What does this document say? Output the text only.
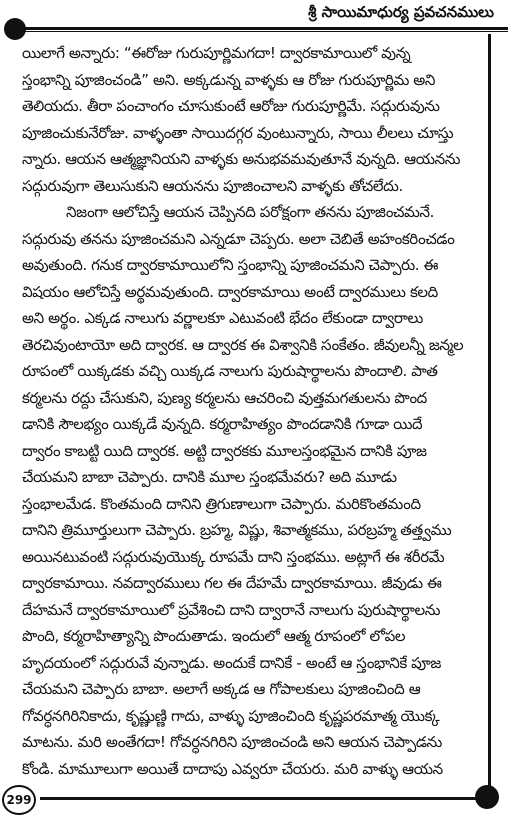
శ్రీ సాయిమాధుర్య ప్రవచనములు
యిలాగే అన్నారు: “ఈరోజు గురుపూర్ణిమగదా! ద్వారకామాయిలో వున్న
స్తంభాన్ని పూజించండి” అని. అక్కడున్న వాళ్ళకు ఆ రోజు గురుపూర్ణిమ అని
తెలియదు. తీరా పంచాంగం చూసుకుంటే ఆరోజు గురుపూర్ణిమే. సద్గురువును
పూజించుకునేరోజు. వాళ్ళంతా సాయిదగ్గర వుంటున్నారు, సాయి లీలలు చూస్తు
న్నారు. ఆయన ఆత్మజ్ఞానియని వాళ్ళకు అనుభవమవుతూనే వున్నది. ఆయనను
సద్గురువుగా తెలుసుకుని ఆయనను పూజించాలని వాళ్ళకు తోచలేదు.
నిజంగా ఆలోచిస్తే ఆయన చెప్పినది పరోక్షంగా తనను పూజించమనే.
సద్గురువు తనను పూజించమని ఎన్నడూ చెప్పరు. అలా చెబితే అహంకరించడం
అవుతుంది. గనుక ద్వారకామాయిలోని స్తంభాన్ని పూజించమని చెప్పారు. ఈ
విషయం ఆలోచిస్తే అర్థమవుతుంది. ద్వారకామాయి అంటే ద్వారములు కలది
అని అర్థం. ఎక్కడ నాలుగు వర్ణాలకూ ఎటువంటి భేదం లేకుండా ద్వారాలు
తెరచివుంటాయో అది ద్వారక. ఆ ద్వారక ఈ విశ్వానికి సంకేతం. జీవులన్నీ జన్మల
రూపంలో యిక్కడకు వచ్చి యిక్కడ నాలుగు పురుషార్థాలను పొందాలి. పాత
కర్మలను రద్దు చేసుకుని, పుణ్య కర్మలను ఆచరించి వుత్తమగతులను పొంద
డానికి సౌలభ్యం యిక్కడే వున్నది. కర్మరాహిత్యం పొందడానికి గూడా యిదే
ద్వారం కాబట్టి యిది ద్వారక. అట్టి ద్వారకకు మూలస్తంభమైన దానికి పూజ
చేయమని బాబా చెప్పారు. దానికి మూల స్తంభమేవరు? అది మూడు
స్తంభాలమేడ. కొంతమంది దానిని త్రిగుణాలుగా చెప్పారు. మరికొంతమంది
దానిని త్రిమూర్తులుగా చెప్పారు. బ్రహ్మ, విష్ణు, శివాత్మకము, పరబ్రహ్మ తత్త్వము
అయినటువంటి సద్గురువుయొక్క రూపమే దాని స్తంభము. అట్లాగే ఈ శరీరమే
ద్వారకామాయి. నవద్వారములు గల ఈ దేహమే ద్వారకామాయి. జీవుడు ఈ
దేహమనే ద్వారకామాయిలో ప్రవేశించి దాని ద్వారానే నాలుగు పురుషార్థాలను
పొంది, కర్మరాహిత్యాన్ని పొందుతాడు. ఇందులో ఆత్మ రూపంలో లోపల
హృదయంలో సద్గురువే వున్నాడు. అందుకే దానికే - అంటే ఆ స్తంభానికే పూజ
చేయమని చెప్పారు బాబా. అలాగే అక్కడ ఆ గోపాలకులు పూజించింది ఆ
గోవర్ధనగిరినికాదు, కృష్ణుణ్ణి గాదు, వాళ్ళు పూజించింది కృష్ణపరమాత్మ యొక్క
మాటను. మరి అంతేగదా! గోవర్ధనగిరిని పూజించండి అని ఆయన చెప్పాడను
కోండి. మామూలుగా అయితే దాదాపు ఎవ్వరూ చేయరు. మరి వాళ్ళు ఆయన
299
